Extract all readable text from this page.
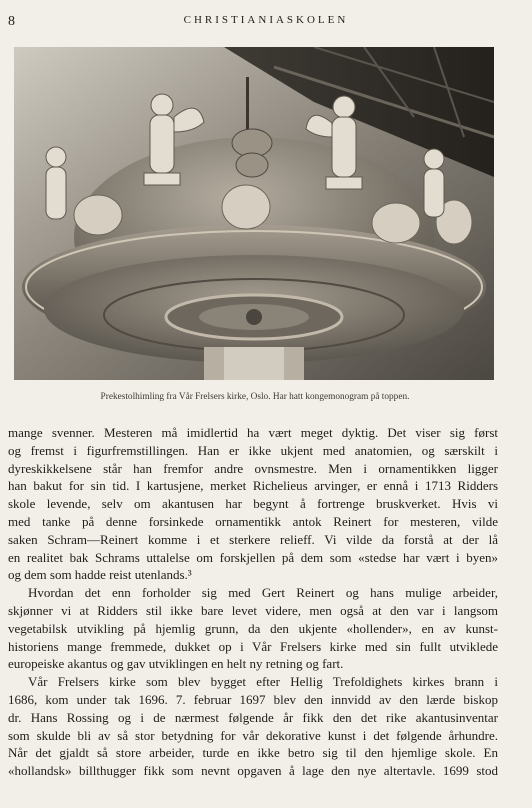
8	CHRISTIANIASKOLEN
Prekestolhimling fra Vår Frelsers kirke, Oslo. Har hatt kongemonogram på toppen.
mange svenner. Mesteren må imidlertid ha vært meget dyktig. Det viser sig først
og fremst i figurfremstillingen. Han er ikke ukjent med anatomien, og særskilt i
dyreskikkelsene står han fremfor andre ovnsmestre. Men i ornamentikken ligger
han bakut for sin tid. I kartusjene, merket Richelieus arvinger, er ennå i 1713 Ridders
skole levende, selv om akantusen har begynt å fortrenge bruskverket. Hvis vi
med tanke på denne forsinkede ornamentikk antok Reinert for mesteren, vilde
saken Schram—Reinert komme i et sterkere relieff. Vi vilde da forstå at der lå
en realitet bak Schrams uttalelse om forskjellen på dem som «stedse har vært i byen»
og dem som hadde reist utenlands.³
Hvordan det enn forholder sig med Gert Reinert og hans mulige arbeider,
skjønner vi at Ridders stil ikke bare levet videre, men også at den var i langsom
vegetabilsk utvikling på hjemlig grunn, da den ukjente «hollender», en av kunst-
historiens mange fremmede, dukket op i Vår Frelsers kirke med sin fullt utviklede
europeiske akantus og gav utviklingen en helt ny retning og fart.
Vår Frelsers kirke som blev bygget efter Hellig Trefoldighets kirkes brann i
1686, kom under tak 1696. 7. februar 1697 blev den innvidd av den lærde biskop
dr. Hans Rossing og i de nærmest følgende år fikk den det rike akantusinventar
som skulde bli av så stor betydning for vår dekorative kunst i det følgende århundre.
Når det gjaldt så store arbeider, turde en ikke betro sig til den hjemlige skole. En
«hollandsk» billthugger fikk som nevnt opgaven å lage den nye altertavle. 1699 stod
